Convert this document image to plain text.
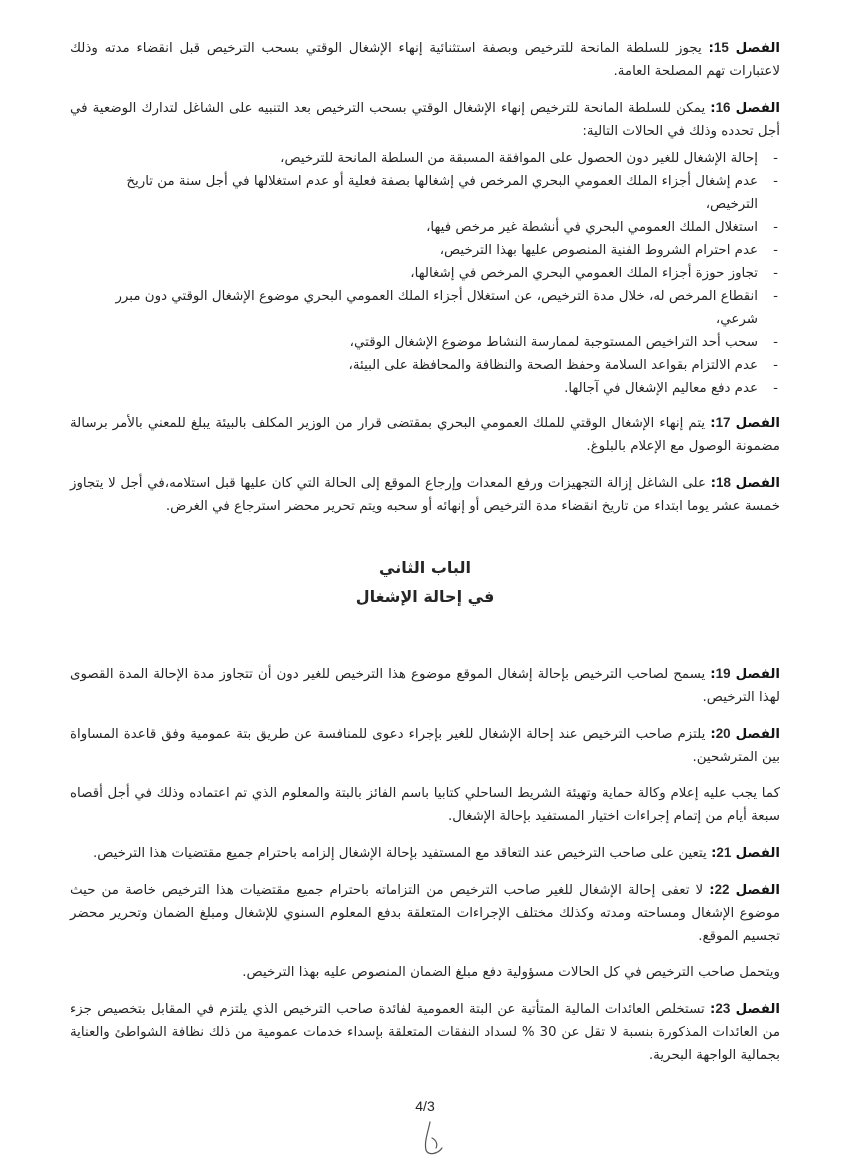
الفصل 15: يجوز للسلطة المانحة للترخيص وبصفة استثنائية إنهاء الإشغال الوقتي بسحب الترخيص قبل انقضاء مدته وذلك لاعتبارات تهم المصلحة العامة.

الفصل 16: يمكن للسلطة المانحة للترخيص إنهاء الإشغال الوقتي بسحب الترخيص بعد التنبيه على الشاغل لتدارك الوضعية في أجل تحدده وذلك في الحالات التالية:

- إحالة الإشغال للغير دون الحصول على الموافقة المسبقة من السلطة المانحة للترخيص،
- عدم إشغال أجزاء الملك العمومي البحري المرخص في إشغالها بصفة فعلية أو عدم استغلالها في أجل سنة من تاريخ الترخيص،
- استغلال الملك العمومي البحري في أنشطة غير مرخص فيها،
- عدم احترام الشروط الفنية المنصوص عليها بهذا الترخيص،
- تجاوز حوزة أجزاء الملك العمومي البحري المرخص في إشغالها،
- انقطاع المرخص له، خلال مدة الترخيص، عن استغلال أجزاء الملك العمومي البحري موضوع الإشغال الوقتي دون مبرر شرعي،
- سحب أحد التراخيص المستوجبة لممارسة النشاط موضوع الإشغال الوقتي،
- عدم الالتزام بقواعد السلامة وحفظ الصحة والنظافة والمحافظة على البيئة،
- عدم دفع معاليم الإشغال في آجالها.

الفصل 17: يتم إنهاء الإشغال الوقتي للملك العمومي البحري بمقتضى قرار من الوزير المكلف بالبيئة يبلغ للمعني بالأمر برسالة مضمونة الوصول مع الإعلام بالبلوغ.

الفصل 18: على الشاغل إزالة التجهيزات ورفع المعدات وإرجاع الموقع إلى الحالة التي كان عليها قبل استلامه،في أجل لا يتجاوز خمسة عشر يوما ابتداء من تاريخ انقضاء مدة الترخيص أو إنهائه أو سحبه ويتم تحرير محضر استرجاع في الغرض.

الباب الثاني
في إحالة الإشغال

الفصل 19: يسمح لصاحب الترخيص بإحالة إشغال الموقع موضوع هذا الترخيص للغير دون أن تتجاوز مدة الإحالة المدة القصوى لهذا الترخيص.

الفصل 20: يلتزم صاحب الترخيص عند إحالة الإشغال للغير بإجراء دعوى للمنافسة عن طريق بتة عمومية وفق قاعدة المساواة بين المترشحين.

كما يجب عليه إعلام وكالة حماية وتهيئة الشريط الساحلي كتابيا باسم الفائز بالبتة والمعلوم الذي تم اعتماده وذلك في أجل أقصاه سبعة أيام من إتمام إجراءات اختيار المستفيد بإحالة الإشغال.

الفصل 21: يتعين على صاحب الترخيص عند التعاقد مع المستفيد بإحالة الإشغال إلزامه باحترام جميع مقتضيات هذا الترخيص.

الفصل 22: لا تعفى إحالة الإشغال للغير صاحب الترخيص من التزاماته باحترام جميع مقتضيات هذا الترخيص خاصة من حيث موضوع الإشغال ومساحته ومدته وكذلك مختلف الإجراءات المتعلقة بدفع المعلوم السنوي للإشغال ومبلغ الضمان وتحرير محضر تجسيم الموقع.

ويتحمل صاحب الترخيص في كل الحالات مسؤولية دفع مبلغ الضمان المنصوص عليه بهذا الترخيص.

الفصل 23: تستخلص العائدات المالية المتأتية عن البتة العمومية لفائدة صاحب الترخيص الذي يلتزم في المقابل بتخصيص جزء من العائدات المذكورة بنسبة لا تقل عن 30 % لسداد النفقات المتعلقة بإسداء خدمات عمومية من ذلك نظافة الشواطئ والعناية بجمالية الواجهة البحرية.

4/3
